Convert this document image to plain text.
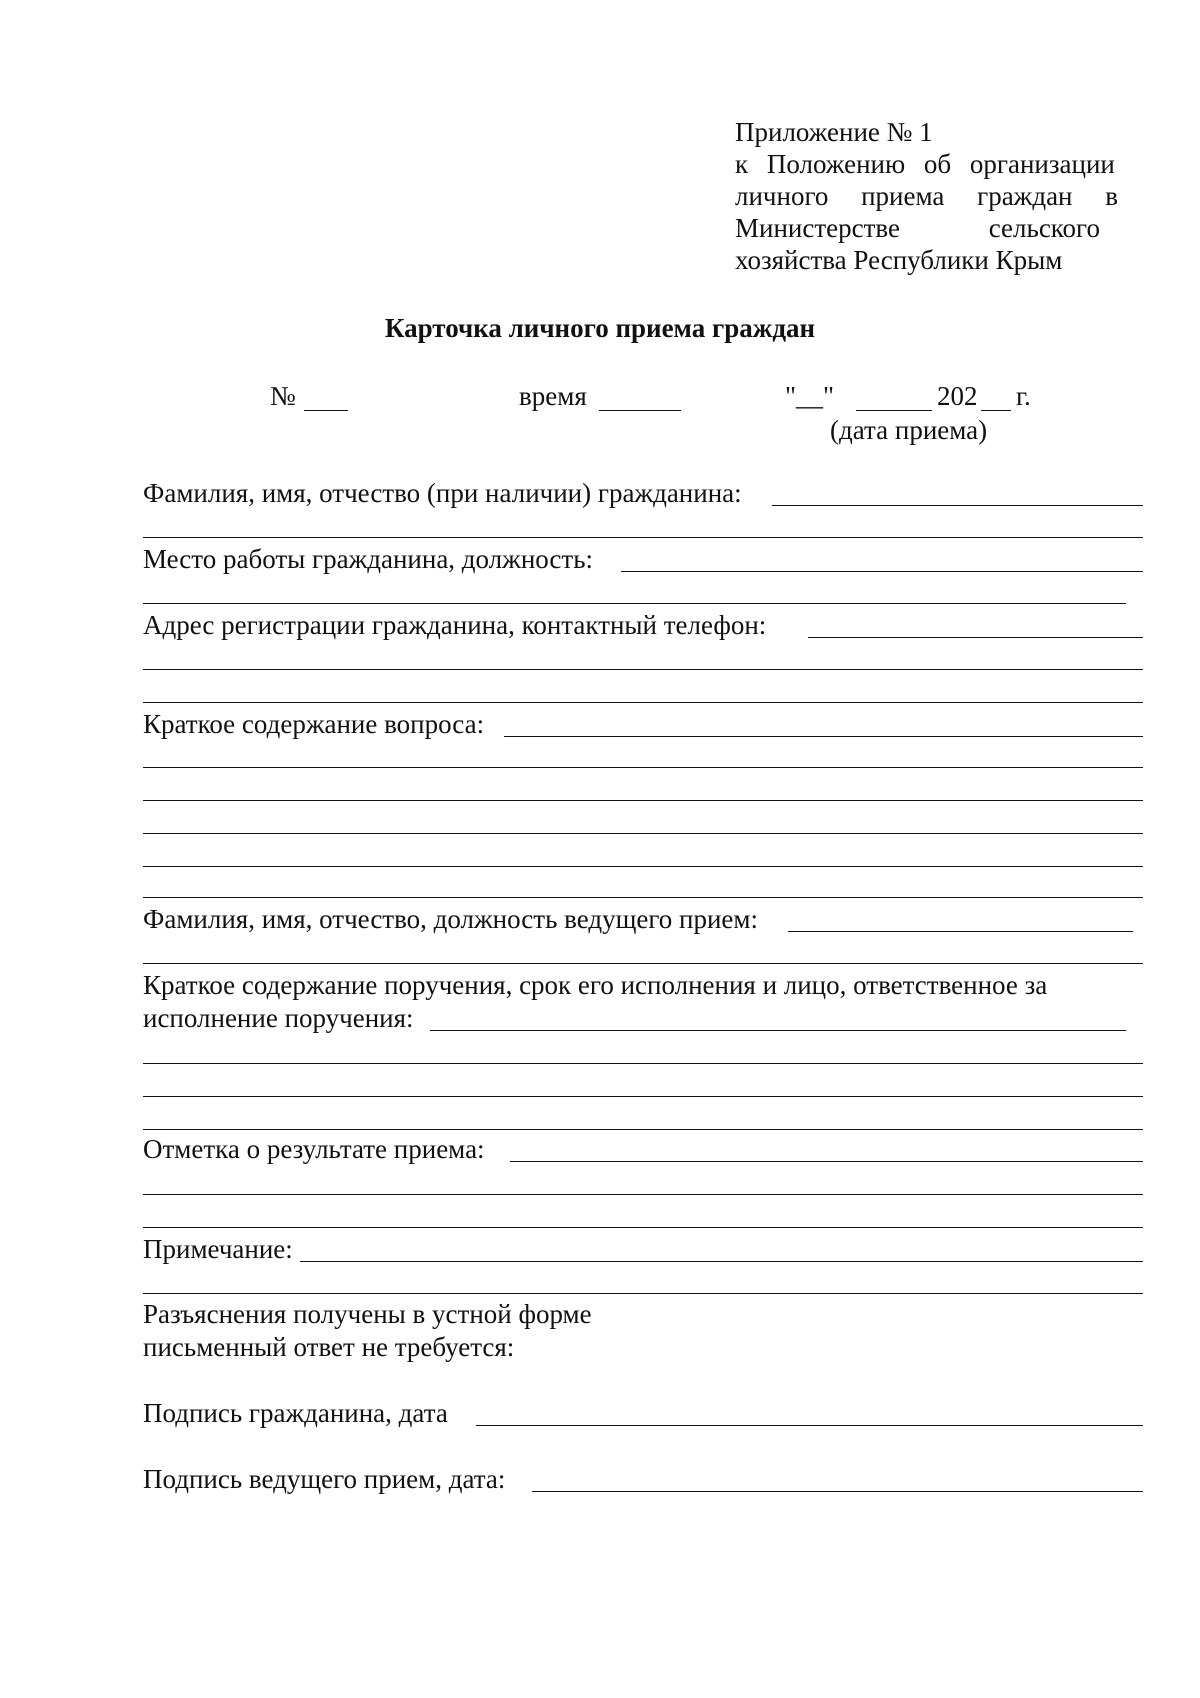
Приложение № 1
к Положению об организации
личного приема граждан в
Министерстве сельского
хозяйства Республики Крым
Карточка личного приема граждан
№	время	"__"	202 г.
(дата приема)
Фамилия, имя, отчество (при наличии) гражданина:
Место работы гражданина, должность:
Адрес регистрации гражданина, контактный телефон:
Краткое содержание вопроса:
Фамилия, имя, отчество, должность ведущего прием:
Краткое содержание поручения, срок его исполнения и лицо, ответственное за
исполнение поручения:
Отметка о результате приема:
Примечание:
Разъяснения получены в устной форме
письменный ответ не требуется:
Подпись гражданина, дата
Подпись ведущего прием, дата:
